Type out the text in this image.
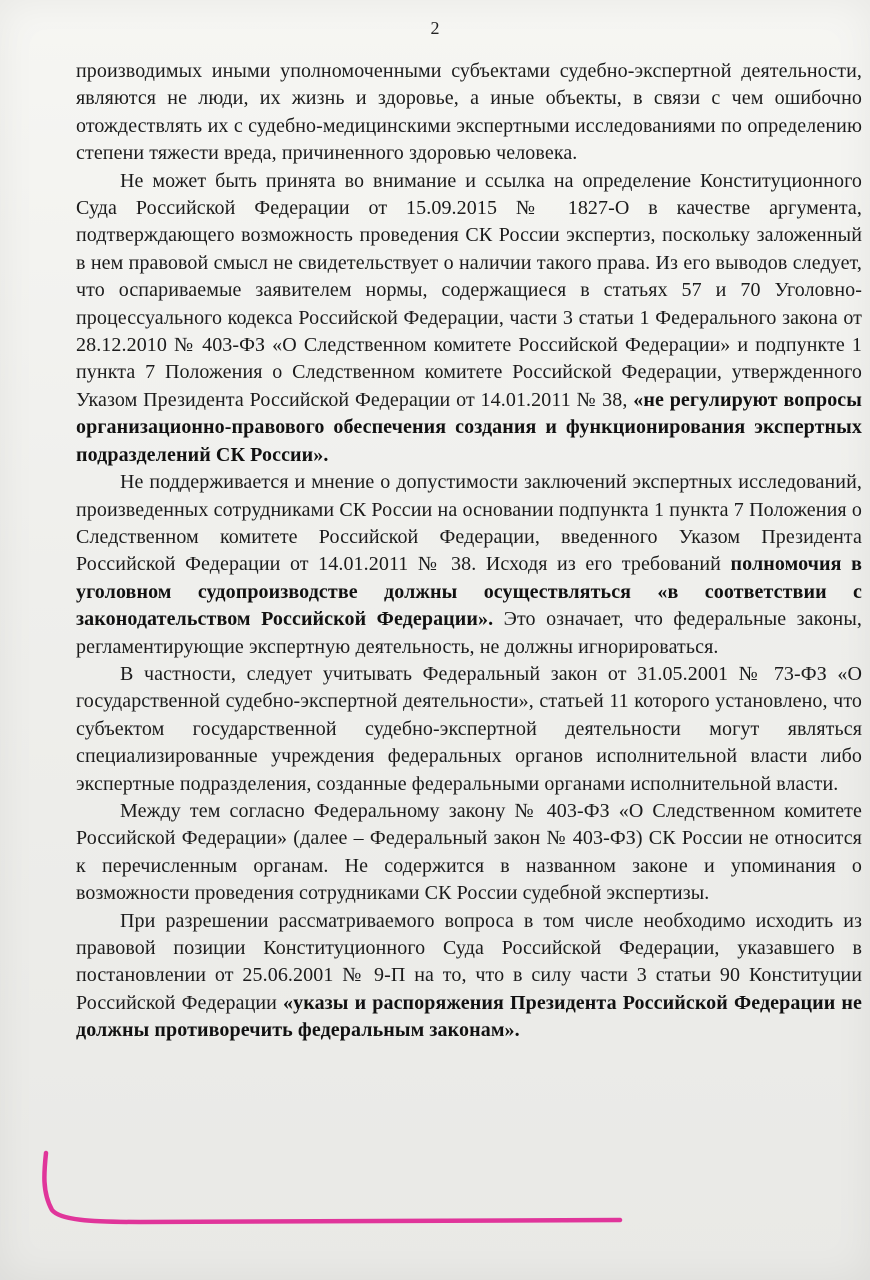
2

производимых иными уполномоченными субъектами судебно-экспертной деятельности, являются не люди, их жизнь и здоровье, а иные объекты, в связи с чем ошибочно отождествлять их с судебно-медицинскими экспертными исследованиями по определению степени тяжести вреда, причиненного здоровью человека.

Не может быть принята во внимание и ссылка на определение Конституционного Суда Российской Федерации от 15.09.2015 № 1827-О в качестве аргумента, подтверждающего возможность проведения СК России экспертиз, поскольку заложенный в нем правовой смысл не свидетельствует о наличии такого права. Из его выводов следует, что оспариваемые заявителем нормы, содержащиеся в статьях 57 и 70 Уголовно-процессуального кодекса Российской Федерации, части 3 статьи 1 Федерального закона от 28.12.2010 № 403-ФЗ «О Следственном комитете Российской Федерации» и подпункте 1 пункта 7 Положения о Следственном комитете Российской Федерации, утвержденного Указом Президента Российской Федерации от 14.01.2011 № 38, «не регулируют вопросы организационно-правового обеспечения создания и функционирования экспертных подразделений СК России».

Не поддерживается и мнение о допустимости заключений экспертных исследований, произведенных сотрудниками СК России на основании подпункта 1 пункта 7 Положения о Следственном комитете Российской Федерации, введенного Указом Президента Российской Федерации от 14.01.2011 № 38. Исходя из его требований полномочия в уголовном судопроизводстве должны осуществляться «в соответствии с законодательством Российской Федерации». Это означает, что федеральные законы, регламентирующие экспертную деятельность, не должны игнорироваться.

В частности, следует учитывать Федеральный закон от 31.05.2001 № 73-ФЗ «О государственной судебно-экспертной деятельности», статьей 11 которого установлено, что субъектом государственной судебно-экспертной деятельности могут являться специализированные учреждения федеральных органов исполнительной власти либо экспертные подразделения, созданные федеральными органами исполнительной власти.

Между тем согласно Федеральному закону № 403-ФЗ «О Следственном комитете Российской Федерации» (далее – Федеральный закон № 403-ФЗ) СК России не относится к перечисленным органам. Не содержится в названном законе и упоминания о возможности проведения сотрудниками СК России судебной экспертизы.

При разрешении рассматриваемого вопроса в том числе необходимо исходить из правовой позиции Конституционного Суда Российской Федерации, указавшего в постановлении от 25.06.2001 № 9-П на то, что в силу части 3 статьи 90 Конституции Российской Федерации «указы и распоряжения Президента Российской Федерации не должны противоречить федеральным законам».
